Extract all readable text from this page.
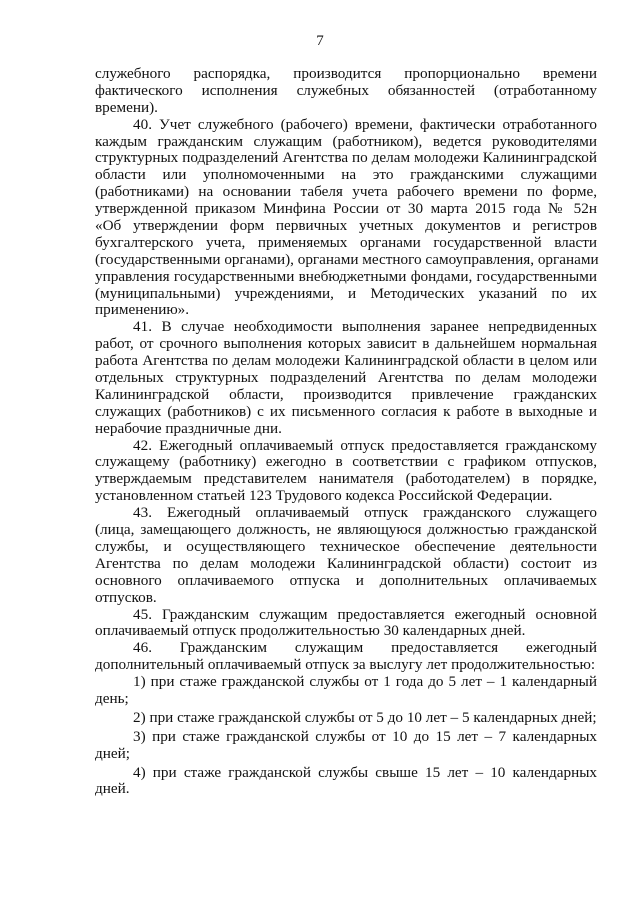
7
служебного распорядка, производится пропорционально времени
фактического исполнения служебных обязанностей (отработанному
времени).
40. Учет служебного (рабочего) времени, фактически отработанного
каждым гражданским служащим (работником), ведется руководителями
структурных подразделений Агентства по делам молодежи Калининградской
области или уполномоченными на это гражданскими служащими
(работниками) на основании табеля учета рабочего времени по форме,
утвержденной приказом Минфина России от 30 марта 2015 года № 52н
«Об утверждении форм первичных учетных документов и регистров
бухгалтерского учета, применяемых органами государственной власти
(государственными органами), органами местного самоуправления, органами
управления государственными внебюджетными фондами, государственными
(муниципальными) учреждениями, и Методических указаний по их
применению».
41. В случае необходимости выполнения заранее непредвиденных
работ, от срочного выполнения которых зависит в дальнейшем нормальная
работа Агентства по делам молодежи Калининградской области в целом или
отдельных структурных подразделений Агентства по делам молодежи
Калининградской области, производится привлечение гражданских
служащих (работников) с их письменного согласия к работе в выходные и
нерабочие праздничные дни.
42. Ежегодный оплачиваемый отпуск предоставляется гражданскому
служащему (работнику) ежегодно в соответствии с графиком отпусков,
утверждаемым представителем нанимателя (работодателем) в порядке,
установленном статьей 123 Трудового кодекса Российской Федерации.
43. Ежегодный оплачиваемый отпуск гражданского служащего
(лица, замещающего должность, не являющуюся должностью гражданской
службы, и осуществляющего техническое обеспечение деятельности
Агентства по делам молодежи Калининградской области) состоит из
основного оплачиваемого отпуска и дополнительных оплачиваемых
отпусков.
45. Гражданским служащим предоставляется ежегодный основной
оплачиваемый отпуск продолжительностью 30 календарных дней.
46. Гражданским служащим предоставляется ежегодный
дополнительный оплачиваемый отпуск за выслугу лет продолжительностью:
1) при стаже гражданской службы от 1 года до 5 лет – 1 календарный
день;
2) при стаже гражданской службы от 5 до 10 лет – 5 календарных дней;
3) при стаже гражданской службы от 10 до 15 лет – 7 календарных
дней;
4) при стаже гражданской службы свыше 15 лет – 10 календарных
дней.
